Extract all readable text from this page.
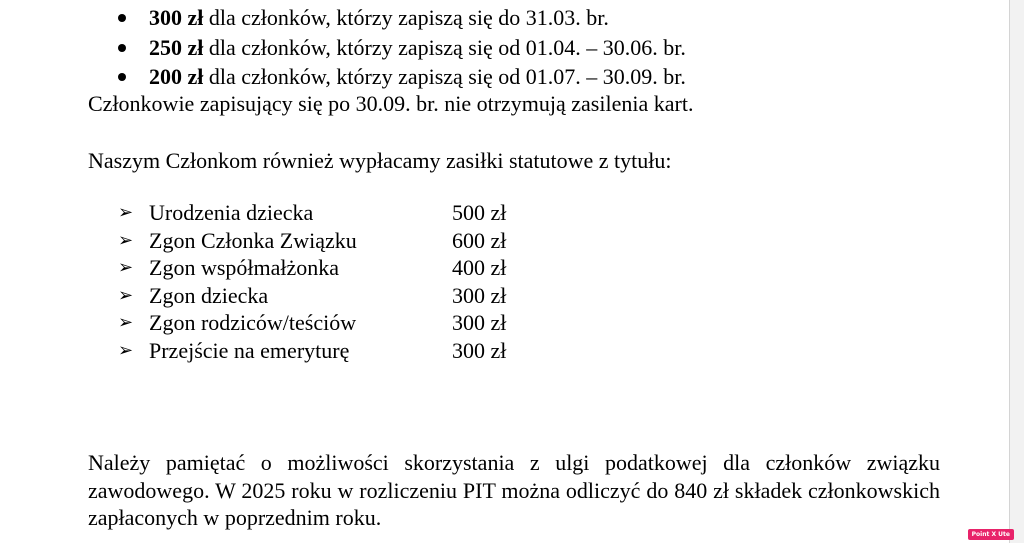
300 zł dla członków, którzy zapiszą się do 31.03. br.
250 zł dla członków, którzy zapiszą się od 01.04. – 30.06. br.
200 zł dla członków, którzy zapiszą się od 01.07. – 30.09. br.

Członkowie zapisujący się po 30.09. br. nie otrzymują zasilenia kart.

Naszym Członkom również wypłacamy zasiłki statutowe z tytułu:

➢ Urodzenia dziecka	500 zł
➢ Zgon Członka Związku	600 zł
➢ Zgon współmałżonka	400 zł
➢ Zgon dziecka	300 zł
➢ Zgon rodziców/teściów	300 zł
➢ Przejście na emeryturę	300 zł

Należy pamiętać o możliwości skorzystania z ulgi podatkowej dla członków związku zawodowego. W 2025 roku w rozliczeniu PIT można odliczyć do 840 zł składek członkowskich zapłaconych w poprzednim roku.

Point X Ute
